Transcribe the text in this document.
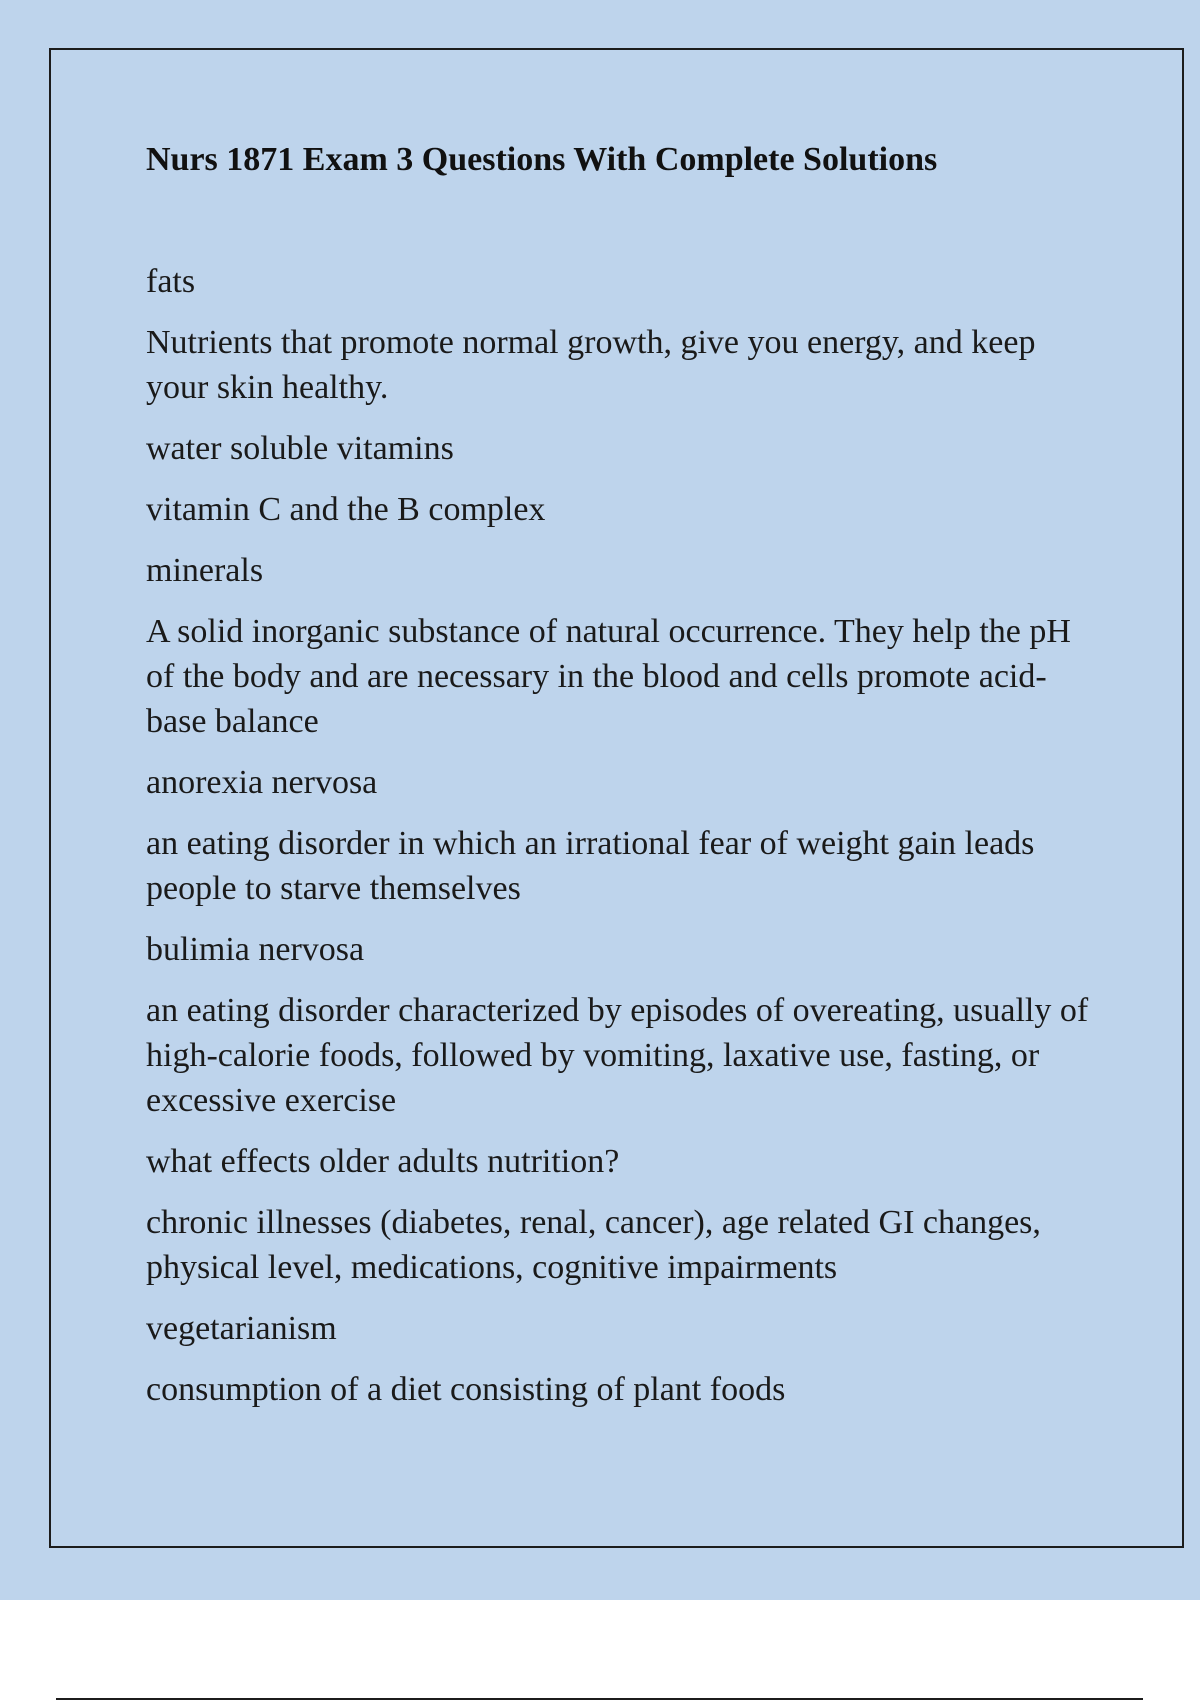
Nurs 1871 Exam 3 Questions With Complete Solutions

fats

Nutrients that promote normal growth, give you energy, and keep your skin healthy.

water soluble vitamins

vitamin C and the B complex

minerals

A solid inorganic substance of natural occurrence. They help the pH of the body and are necessary in the blood and cells promote acid-base balance

anorexia nervosa

an eating disorder in which an irrational fear of weight gain leads people to starve themselves

bulimia nervosa

an eating disorder characterized by episodes of overeating, usually of high-calorie foods, followed by vomiting, laxative use, fasting, or excessive exercise

what effects older adults nutrition?

chronic illnesses (diabetes, renal, cancer), age related GI changes, physical level, medications, cognitive impairments

vegetarianism

consumption of a diet consisting of plant foods
